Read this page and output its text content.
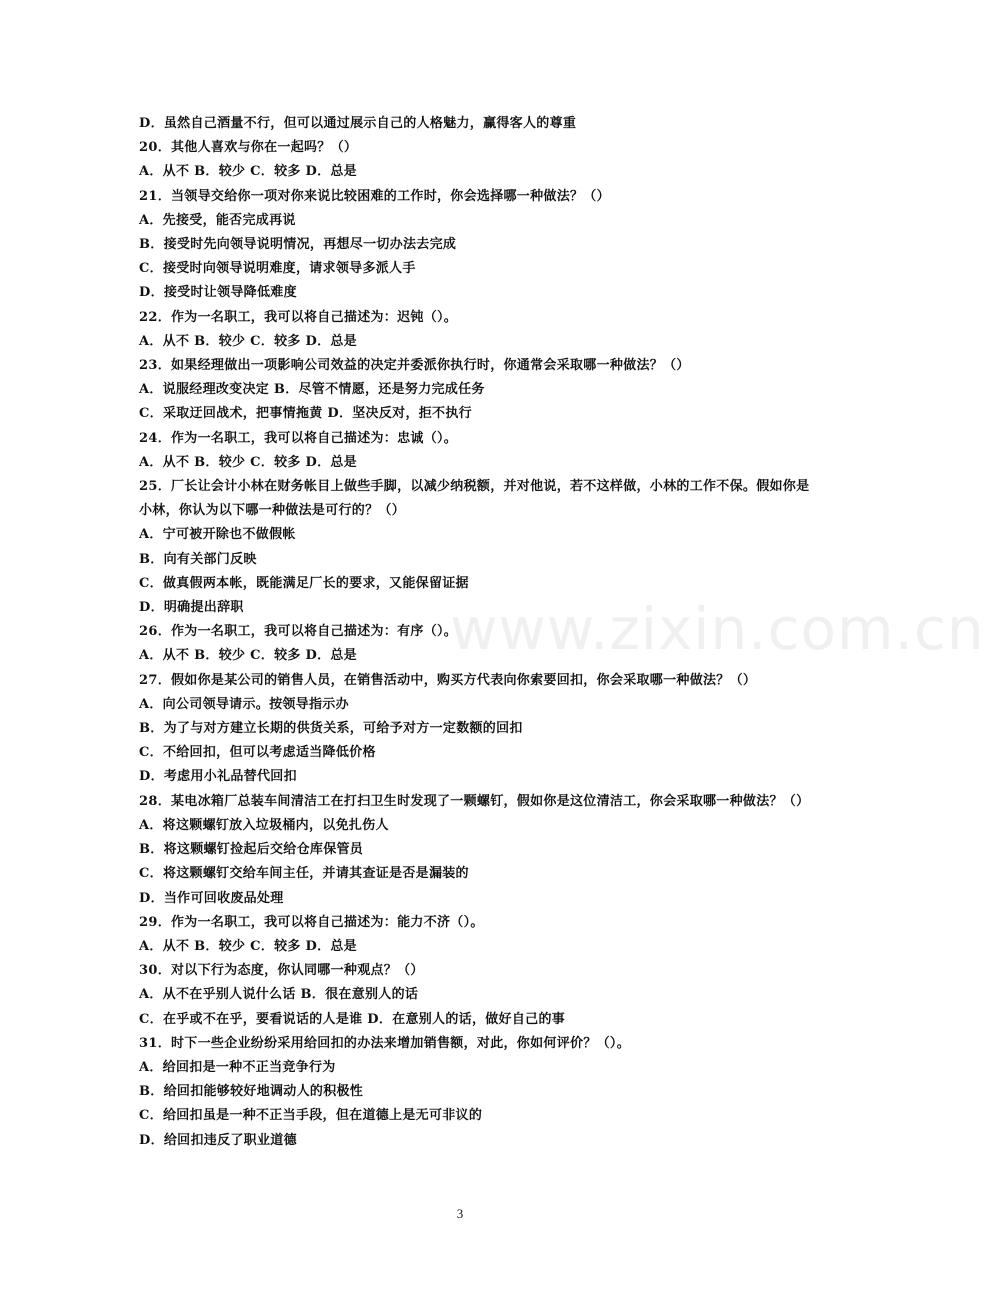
D．虽然自己酒量不行，但可以通过展示自己的人格魅力，赢得客人的尊重
20．其他人喜欢与你在一起吗？（）
A．从不 B．较少 C．较多 D．总是
21．当领导交给你一项对你来说比较困难的工作时，你会选择哪一种做法？（）
A．先接受，能否完成再说
B．接受时先向领导说明情况，再想尽一切办法去完成
C．接受时向领导说明难度，请求领导多派人手
D．接受时让领导降低难度
22．作为一名职工，我可以将自己描述为：迟钝（）。
A．从不 B．较少 C．较多 D．总是
23．如果经理做出一项影响公司效益的决定并委派你执行时，你通常会采取哪一种做法？（）
A．说服经理改变决定 B．尽管不情愿，还是努力完成任务
C．采取迂回战术，把事情拖黄 D．坚决反对，拒不执行
24．作为一名职工，我可以将自己描述为：忠诚（）。
A．从不 B．较少 C．较多 D．总是
25．厂长让会计小林在财务帐目上做些手脚，以减少纳税额，并对他说，若不这样做，小林的工作不保。假如你是小林，你认为以下哪一种做法是可行的？（）
A．宁可被开除也不做假帐
B．向有关部门反映
C．做真假两本帐，既能满足厂长的要求，又能保留证据
D．明确提出辞职
26．作为一名职工，我可以将自己描述为：有序（）。
A．从不 B．较少 C．较多 D．总是
27．假如你是某公司的销售人员，在销售活动中，购买方代表向你索要回扣，你会采取哪一种做法？（）
A．向公司领导请示。按领导指示办
B．为了与对方建立长期的供货关系，可给予对方一定数额的回扣
C．不给回扣，但可以考虑适当降低价格
D．考虑用小礼品替代回扣
28．某电冰箱厂总装车间清洁工在打扫卫生时发现了一颗螺钉，假如你是这位清洁工，你会采取哪一种做法？（）
A．将这颗螺钉放入垃圾桶内，以免扎伤人
B．将这颗螺钉捡起后交给仓库保管员
C．将这颗螺钉交给车间主任，并请其查证是否是漏装的
D．当作可回收废品处理
29．作为一名职工，我可以将自己描述为：能力不济（）。
A．从不 B．较少 C．较多 D．总是
30．对以下行为态度，你认同哪一种观点？（）
A．从不在乎别人说什么话 B．很在意别人的话
C．在乎或不在乎，要看说话的人是谁 D．在意别人的话，做好自己的事
31．时下一些企业纷纷采用给回扣的办法来增加销售额，对此，你如何评价？（）。
A．给回扣是一种不正当竞争行为
B．给回扣能够较好地调动人的积极性
C．给回扣虽是一种不正当手段，但在道德上是无可非议的
D．给回扣违反了职业道德
www.zixin.com.cn
3
